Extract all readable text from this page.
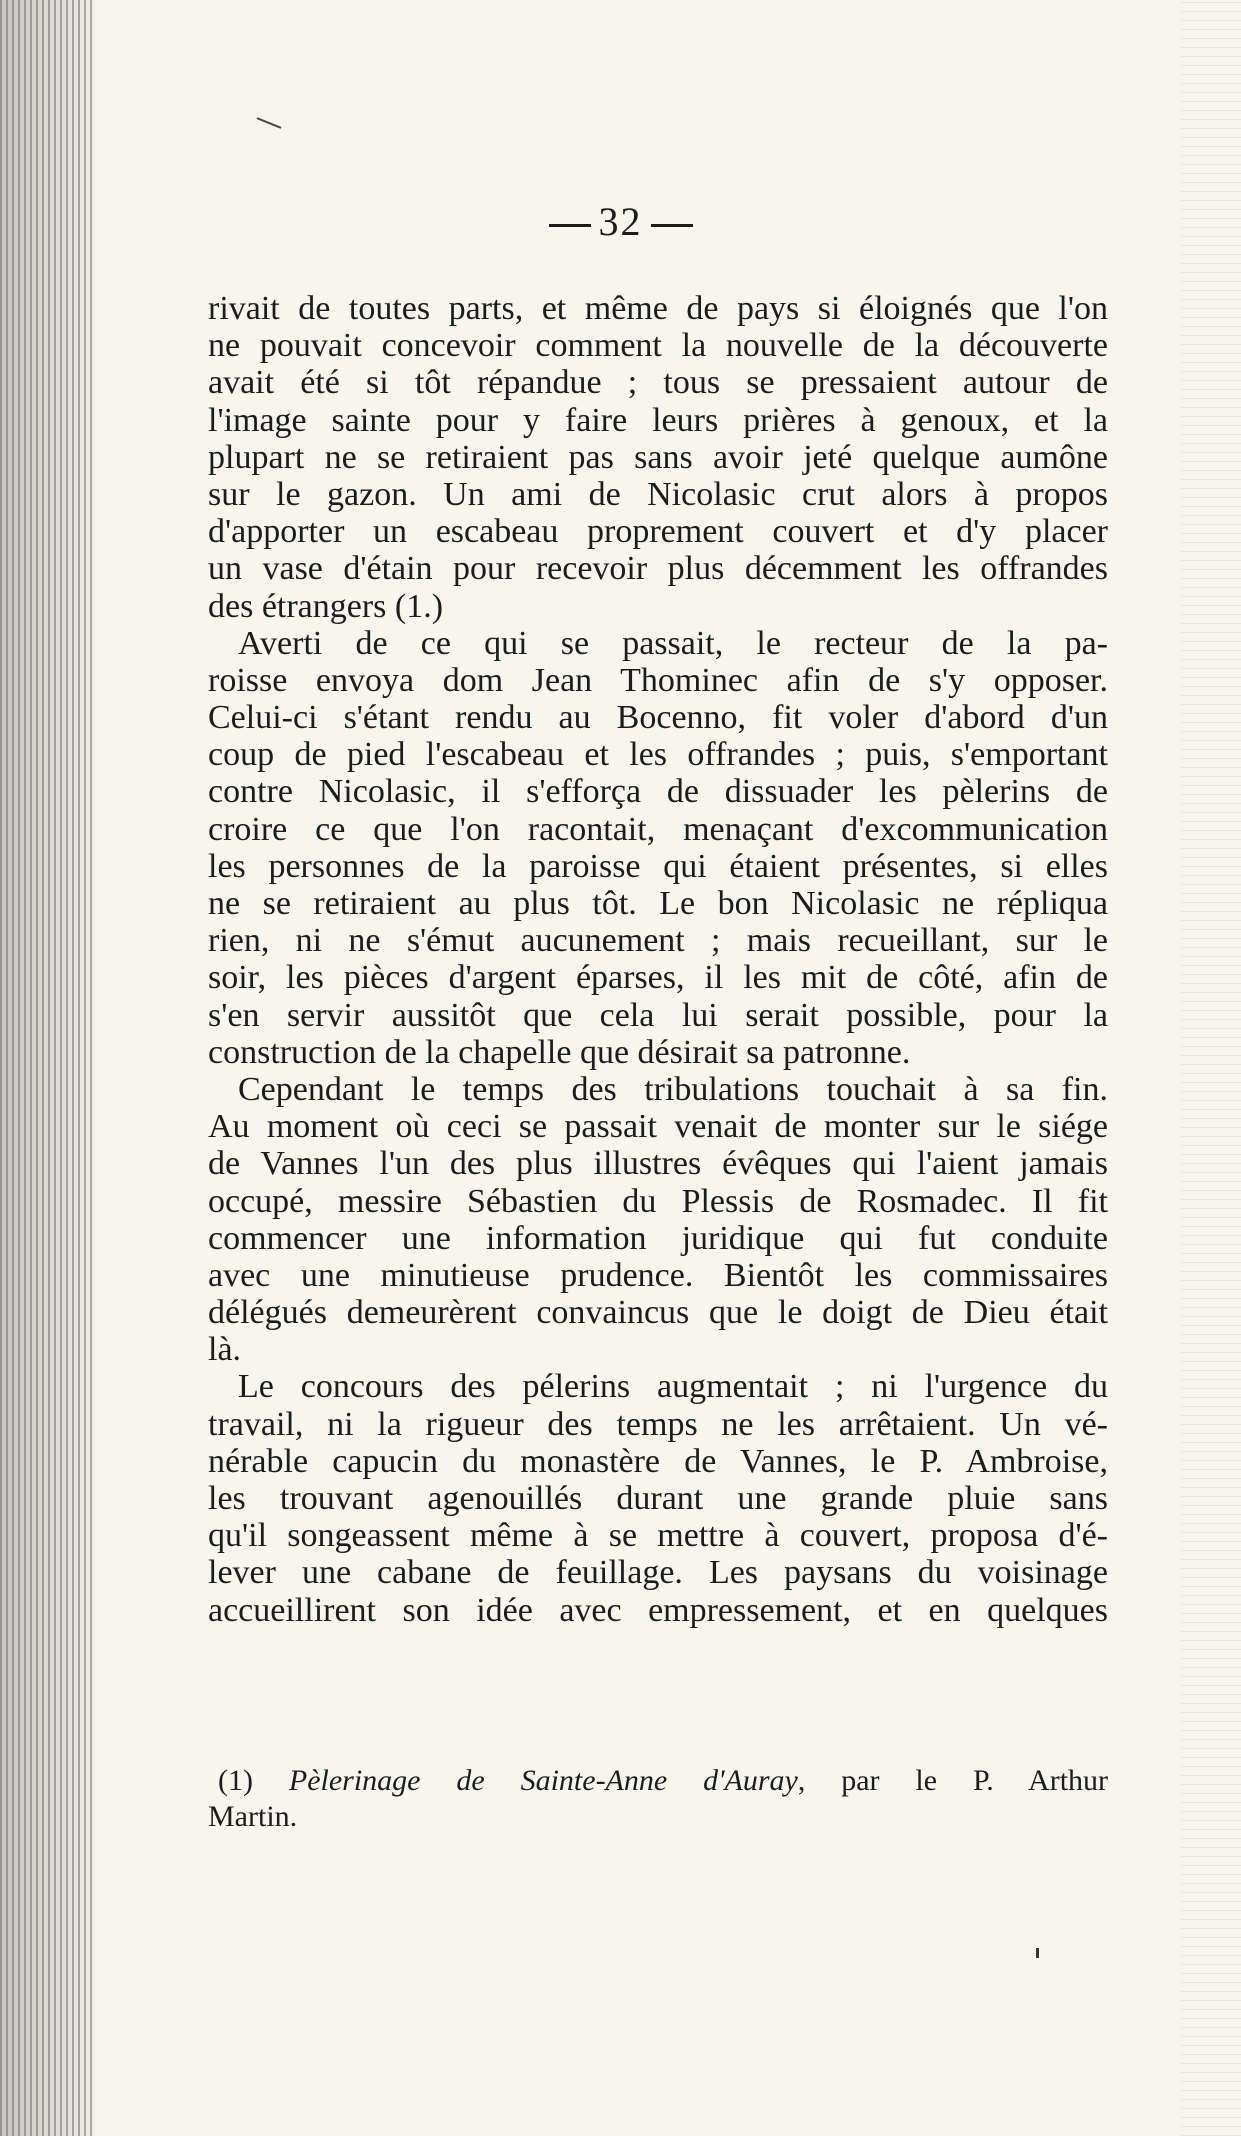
32
rivait de toutes parts, et même de pays si éloignés que l'on
ne pouvait concevoir comment la nouvelle de la découverte
avait été si tôt répandue ; tous se pressaient autour de
l'image sainte pour y faire leurs prières à genoux, et la
plupart ne se retiraient pas sans avoir jeté quelque aumône
sur le gazon. Un ami de Nicolasic crut alors à propos
d'apporter un escabeau proprement couvert et d'y placer
un vase d'étain pour recevoir plus décemment les offrandes
des étrangers (1.)
Averti de ce qui se passait, le recteur de la pa-
roisse envoya dom Jean Thominec afin de s'y opposer.
Celui-ci s'étant rendu au Bocenno, fit voler d'abord d'un
coup de pied l'escabeau et les offrandes ; puis, s'emportant
contre Nicolasic, il s'efforça de dissuader les pèlerins de
croire ce que l'on racontait, menaçant d'excommunication
les personnes de la paroisse qui étaient présentes, si elles
ne se retiraient au plus tôt. Le bon Nicolasic ne répliqua
rien, ni ne s'émut aucunement ; mais recueillant, sur le
soir, les pièces d'argent éparses, il les mit de côté, afin de
s'en servir aussitôt que cela lui serait possible, pour la
construction de la chapelle que désirait sa patronne.
Cependant le temps des tribulations touchait à sa fin.
Au moment où ceci se passait venait de monter sur le siége
de Vannes l'un des plus illustres évêques qui l'aient jamais
occupé, messire Sébastien du Plessis de Rosmadec. Il fit
commencer une information juridique qui fut conduite
avec une minutieuse prudence. Bientôt les commissaires
délégués demeurèrent convaincus que le doigt de Dieu était
là.
Le concours des pélerins augmentait ; ni l'urgence du
travail, ni la rigueur des temps ne les arrêtaient. Un vé-
nérable capucin du monastère de Vannes, le P. Ambroise,
les trouvant agenouillés durant une grande pluie sans
qu'il songeassent même à se mettre à couvert, proposa d'é-
lever une cabane de feuillage. Les paysans du voisinage
accueillirent son idée avec empressement, et en quelques
(1) Pèlerinage de Sainte-Anne d'Auray, par le P. Arthur
Martin.
